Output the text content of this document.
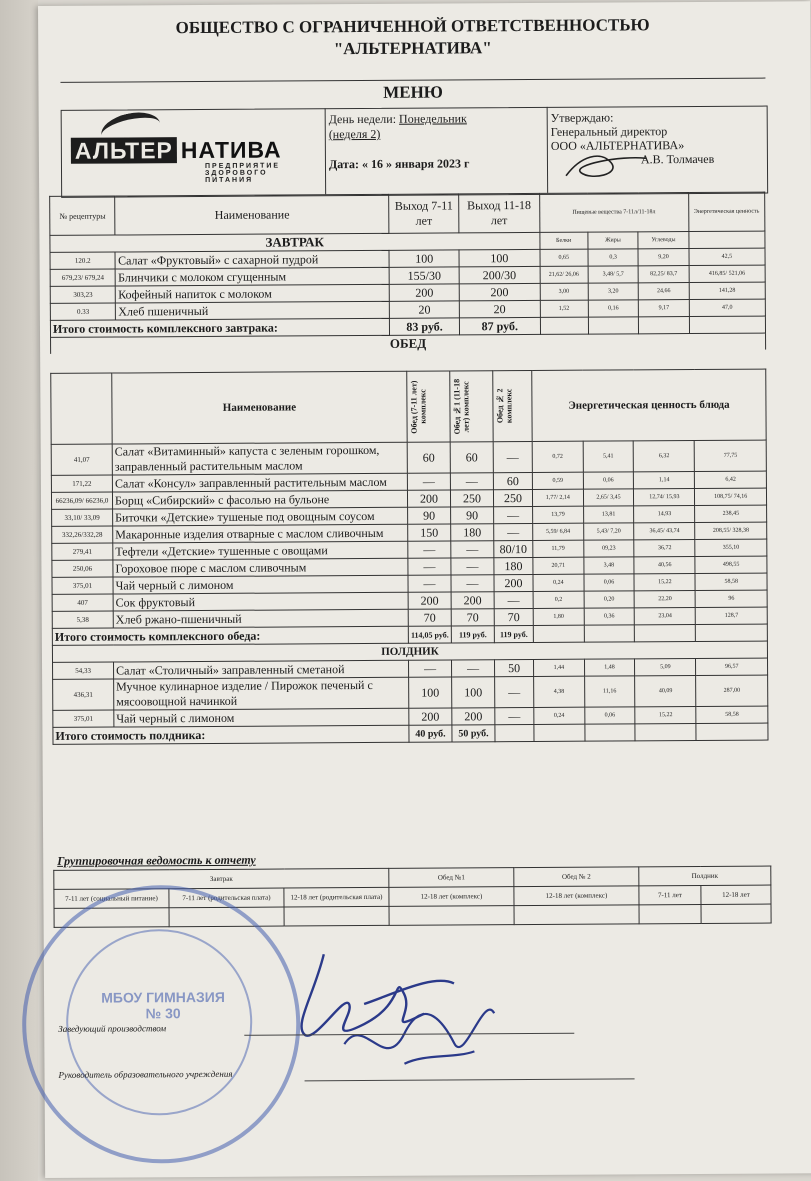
ОБЩЕСТВО С ОГРАНИЧЕННОЙ ОТВЕТСТВЕННОСТЬЮ
"АЛЬТЕРНАТИВА"
МЕНЮ
АЛЬТЕР НАТИВА
ПРЕДПРИЯТИЕ ЗДОРОВОГО ПИТАНИЯ
День недели: Понедельник
(неделя 2)

Дата: « 16 » января 2023 г
Утверждаю:
Генеральный директор
ООО «АЛЬТЕРНАТИВА»
А.В. Толмачев
№ рецептуры	Наименование	Выход 7-11 лет	Выход 11-18 лет	Пищевые вещества 7-11л/11-18л			Энергетическая ценность
ЗАВТРАК				Белки	Жиры	Углеводы	
120.2	Салат «Фруктовый» с сахарной пудрой	100	100	0,65	0,3	9,20	42,5
679,23/ 679,24	Блинчики с молоком сгущенным	155/30	200/30	21,62/ 26,06	3,48/ 5,7	82,25/ 83,7	416,85/ 521,06
303,23	Кофейный напиток с молоком	200	200	3,00	3,20	24,66	141,28
0.33	Хлеб пшеничный	20	20	1,52	0,16	9,17	47,0
Итого стоимость комплексного завтрака:		83 руб.	87 руб.				
ОБЕД							
	Наименование	Обед (7-11 лет) комплекс	Обед №1 (11-18 лет) комплекс	Обед № 2 комплекс	Энергетическая ценность блюда			
41,07	Салат «Витаминный» капуста с зеленым горошком, заправленный растительным маслом	60	60	—	0,72	5,41	6,32	77,75
171,22	Салат «Консул» заправленный растительным маслом	—	—	60	0,59	0,06	1,14	6,42
66236,09/ 66236,0	Борщ «Сибирский» с фасолью на бульоне	200	250	250	1,77/ 2,14	2,65/ 3,45	12,74/ 15,93	108,75/ 74,16
33,10/ 33,09	Биточки «Детские» тушеные под овощным соусом	90	90	—	13,79	13,81	14,93	238,45
332,26/332,28	Макаронные изделия отварные с маслом сливочным	150	180	—	5,59/ 6,84	5,43/ 7,20	36,45/ 43,74	208,55/ 328,38
279,41	Тефтели «Детские» тушенные с овощами	—	—	80/10	11,79	09,23	36,72	355,10
250,06	Гороховое пюре с маслом сливочным	—	—	180	20,71	3,48	40,56	498,55
375,01	Чай черный с лимоном	—	—	200	0,24	0,06	15,22	58,58
407	Сок фруктовый	200	200	—	0,2	0,20	22,20	96
5,38	Хлеб ржано-пшеничный	70	70	70	1,80	0,36	23,04	128,7
Итого стоимость комплексного обеда:		114,05 руб.	119 руб.	119 руб.				
ПОЛДНИК								
54,33	Салат «Столичный» заправленный сметаной	—	—	50	1,44	1,48	5,09	96,57
436,31	Мучное кулинарное изделие / Пирожок печеный с мясоовощной начинкой	100	100	—	4,38	11,16	40,09	287,00
375,01	Чай черный с лимоном	200	200	—	0,24	0,06	15,22	58,58
Итого стоимость полдника:		40 руб.	50 руб.					
Группировочная ведомость к отчету
Завтрак			Обед №1	Обед № 2	Полдник	
7-11 лет (социальный питание)	7-11 лет (родительская плата)	12-18 лет (родительская плата)	12-18 лет (комплекс)	12-18 лет (комплекс)	7-11 лет	12-18 лет

МБОУ ГИМНАЗИЯ № 30
Заведующий производством
Руководитель образовательного учреждения
